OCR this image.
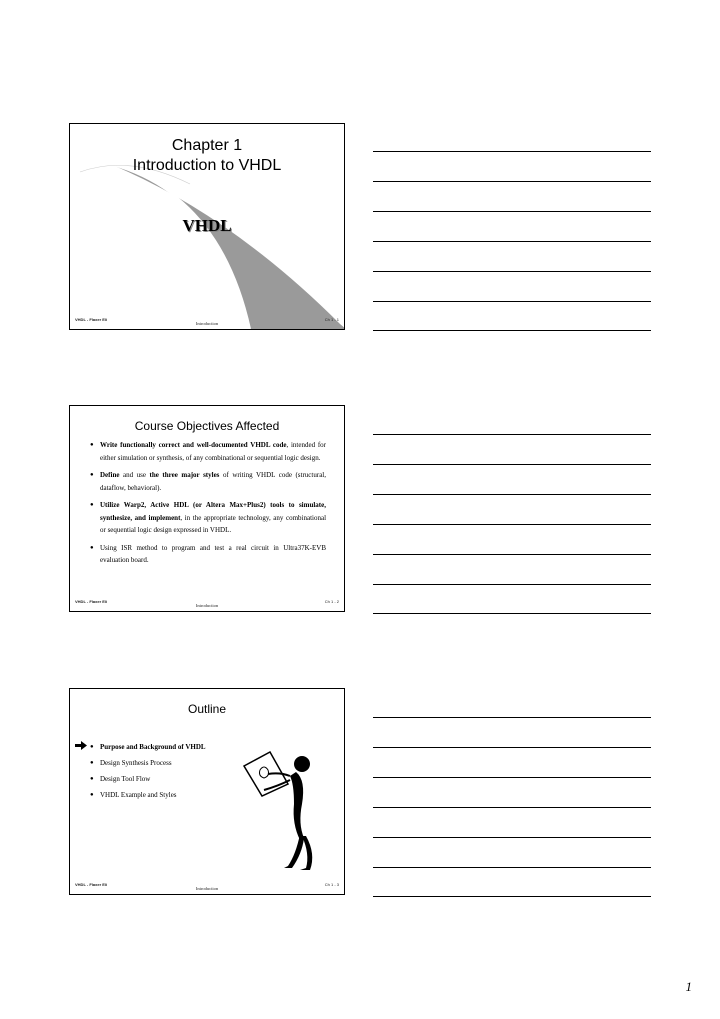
Chapter 1
Introduction to VHDL
VHDL
VHDL - Flaxer Eli
Introduction
Ch 1 - 1
Course Objectives Affected
● Write functionally correct and well-documented VHDL code, intended for either simulation or synthesis, of any combinational or sequential logic design.
● Define and use the three major styles of writing VHDL code (structural, dataflow, behavioral).
● Utilize Warp2, Active HDL (or Altera Max+Plus2) tools to simulate, synthesize, and implement, in the appropriate technology, any combinational or sequential logic design expressed in VHDL.
● Using ISR method to program and test a real circuit in Ultra37K-EVB evaluation board.
VHDL - Flaxer Eli
Introduction
Ch 1 - 2
Outline
● Purpose and Background of VHDL
● Design Synthesis Process
● Design Tool Flow
● VHDL Example and Styles
VHDL - Flaxer Eli
Introduction
Ch 1 - 3
1
